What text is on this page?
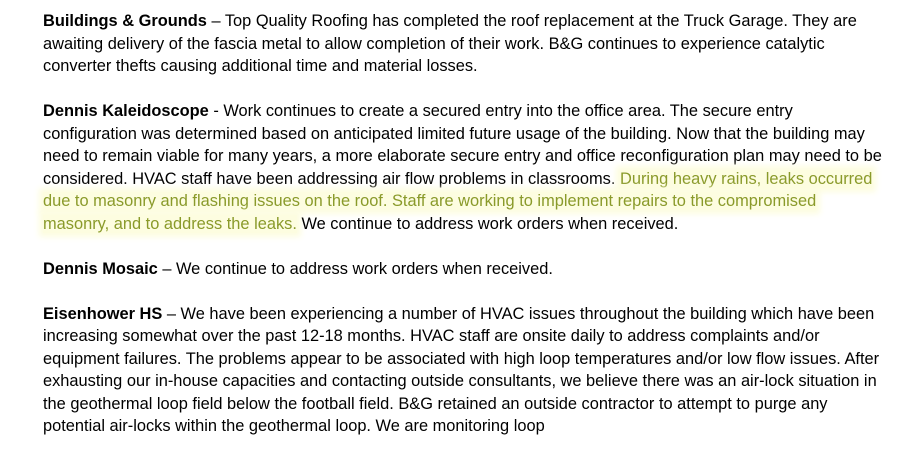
Buildings & Grounds – Top Quality Roofing has completed the roof replacement at the Truck Garage. They are awaiting delivery of the fascia metal to allow completion of their work. B&G continues to experience catalytic converter thefts causing additional time and material losses.

Dennis Kaleidoscope - Work continues to create a secured entry into the office area. The secure entry configuration was determined based on anticipated limited future usage of the building. Now that the building may need to remain viable for many years, a more elaborate secure entry and office reconfiguration plan may need to be considered. HVAC staff have been addressing air flow problems in classrooms. During heavy rains, leaks occurred due to masonry and flashing issues on the roof. Staff are working to implement repairs to the compromised masonry, and to address the leaks. We continue to address work orders when received.

Dennis Mosaic – We continue to address work orders when received.

Eisenhower HS – We have been experiencing a number of HVAC issues throughout the building which have been increasing somewhat over the past 12-18 months. HVAC staff are onsite daily to address complaints and/or equipment failures. The problems appear to be associated with high loop temperatures and/or low flow issues. After exhausting our in-house capacities and contacting outside consultants, we believe there was an air-lock situation in the geothermal loop field below the football field. B&G retained an outside contractor to attempt to purge any potential air-locks within the geothermal loop. We are monitoring loop
